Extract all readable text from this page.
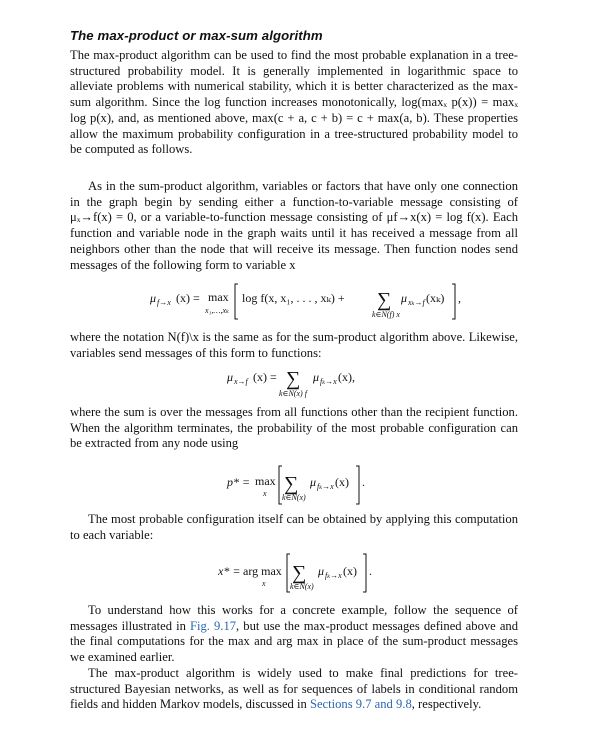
The max-product or max-sum algorithm

The max-product algorithm can be used to find the most probable explanation in a tree-structured probability model. It is generally implemented in logarithmic space to alleviate problems with numerical stability, which it is better characterized as the max-sum algorithm. Since the log function increases monotonically, log(maxₓ p(x)) = maxₓ log p(x), and, as mentioned above, max(c + a, c + b) = c + max(a, b). These properties allow the maximum probability configuration in a tree-structured probability model to be computed as follows.

As in the sum-product algorithm, variables or factors that have only one connection in the graph begin by sending either a function-to-variable message consisting of μₓ→f(x) = 0, or a variable-to-function message consisting of μf→x(x) = log f(x). Each function and variable node in the graph waits until it has received a message from all neighbors other than the node that will receive its message. Then function nodes send messages of the following form to variable x

μ f→x (x) = max
x₁,…,xₖ
log f(x, x₁, . . . , xₖ) + ∑
k∈N(f) x
μ xₖ→f (xₖ) ,

where the notation N(f)\x is the same as for the sum-product algorithm above. Likewise, variables send messages of this form to functions:

μ x→f (x) = ∑
k∈N(x) f
μ fₖ→x (x),

where the sum is over the messages from all functions other than the recipient function. When the algorithm terminates, the probability of the most probable configuration can be extracted from any node using

p* = max
x ∑
k∈N(x)
μ fₖ→x (x) .

The most probable configuration itself can be obtained by applying this computation to each variable:

x* = arg max
x ∑
k∈N(x)
μ fₖ→x (x) .

To understand how this works for a concrete example, follow the sequence of messages illustrated in Fig. 9.17, but use the max-product messages defined above and the final computations for the max and arg max in place of the sum-product messages we examined earlier.

The max-product algorithm is widely used to make final predictions for tree-structured Bayesian networks, as well as for sequences of labels in conditional random fields and hidden Markov models, discussed in Sections 9.7 and 9.8, respectively.
